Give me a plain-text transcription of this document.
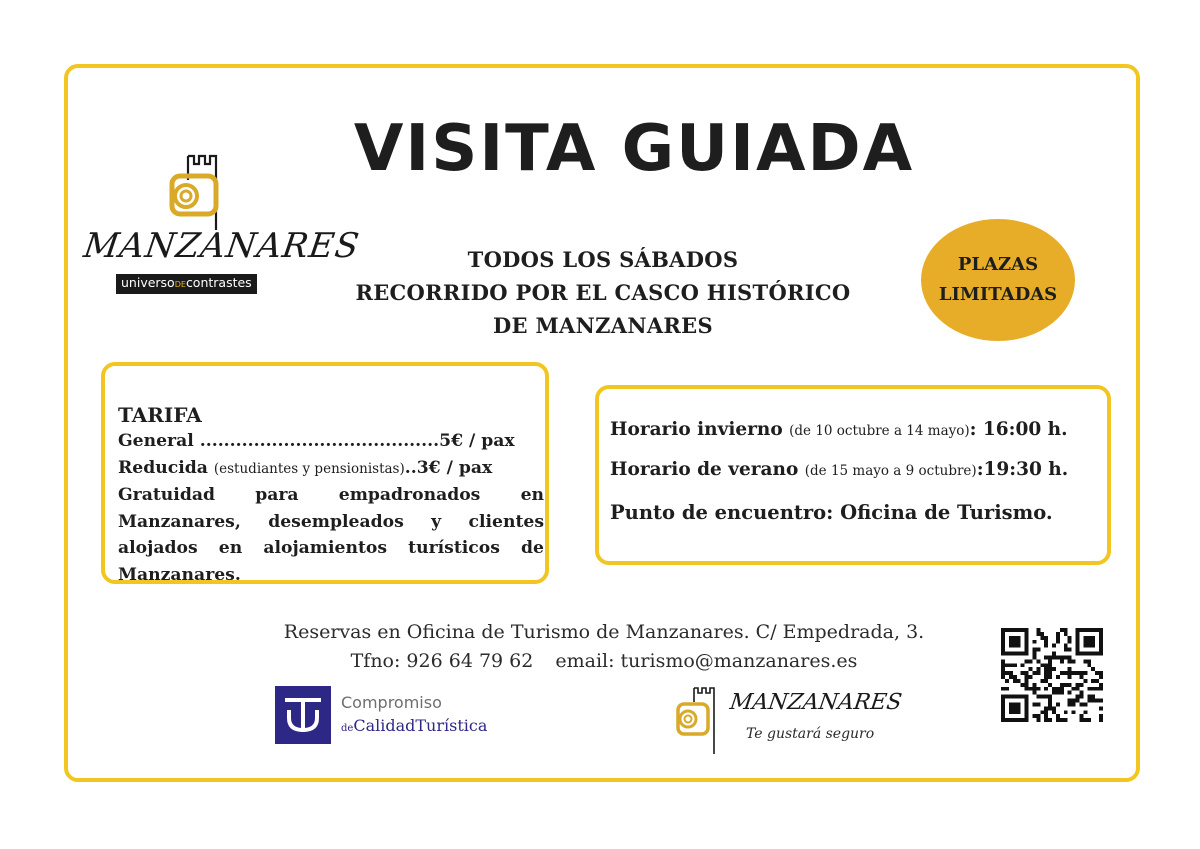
VISITA GUIADA
MANZANARES
universoDEcontrastes
TODOS LOS SÁBADOS
RECORRIDO POR EL CASCO HISTÓRICO
DE MANZANARES
PLAZAS
LIMITADAS
TARIFA
General ........................................5€ / pax
Reducida (estudiantes y pensionistas)..3€ / pax
Gratuidad para empadronados en Manzanares, desempleados y clientes alojados en alojamientos turísticos de Manzanares.
Horario invierno (de 10 octubre a 14 mayo): 16:00 h.
Horario de verano (de 15 mayo a 9 octubre):19:30 h.
Punto de encuentro: Oficina de Turismo.
Reservas en Oficina de Turismo de Manzanares. C/ Empedrada, 3.
Tfno: 926 64 79 62 email: turismo@manzanares.es
Compromiso
deCalidadTurística
MANZANARES
Te gustará seguro
